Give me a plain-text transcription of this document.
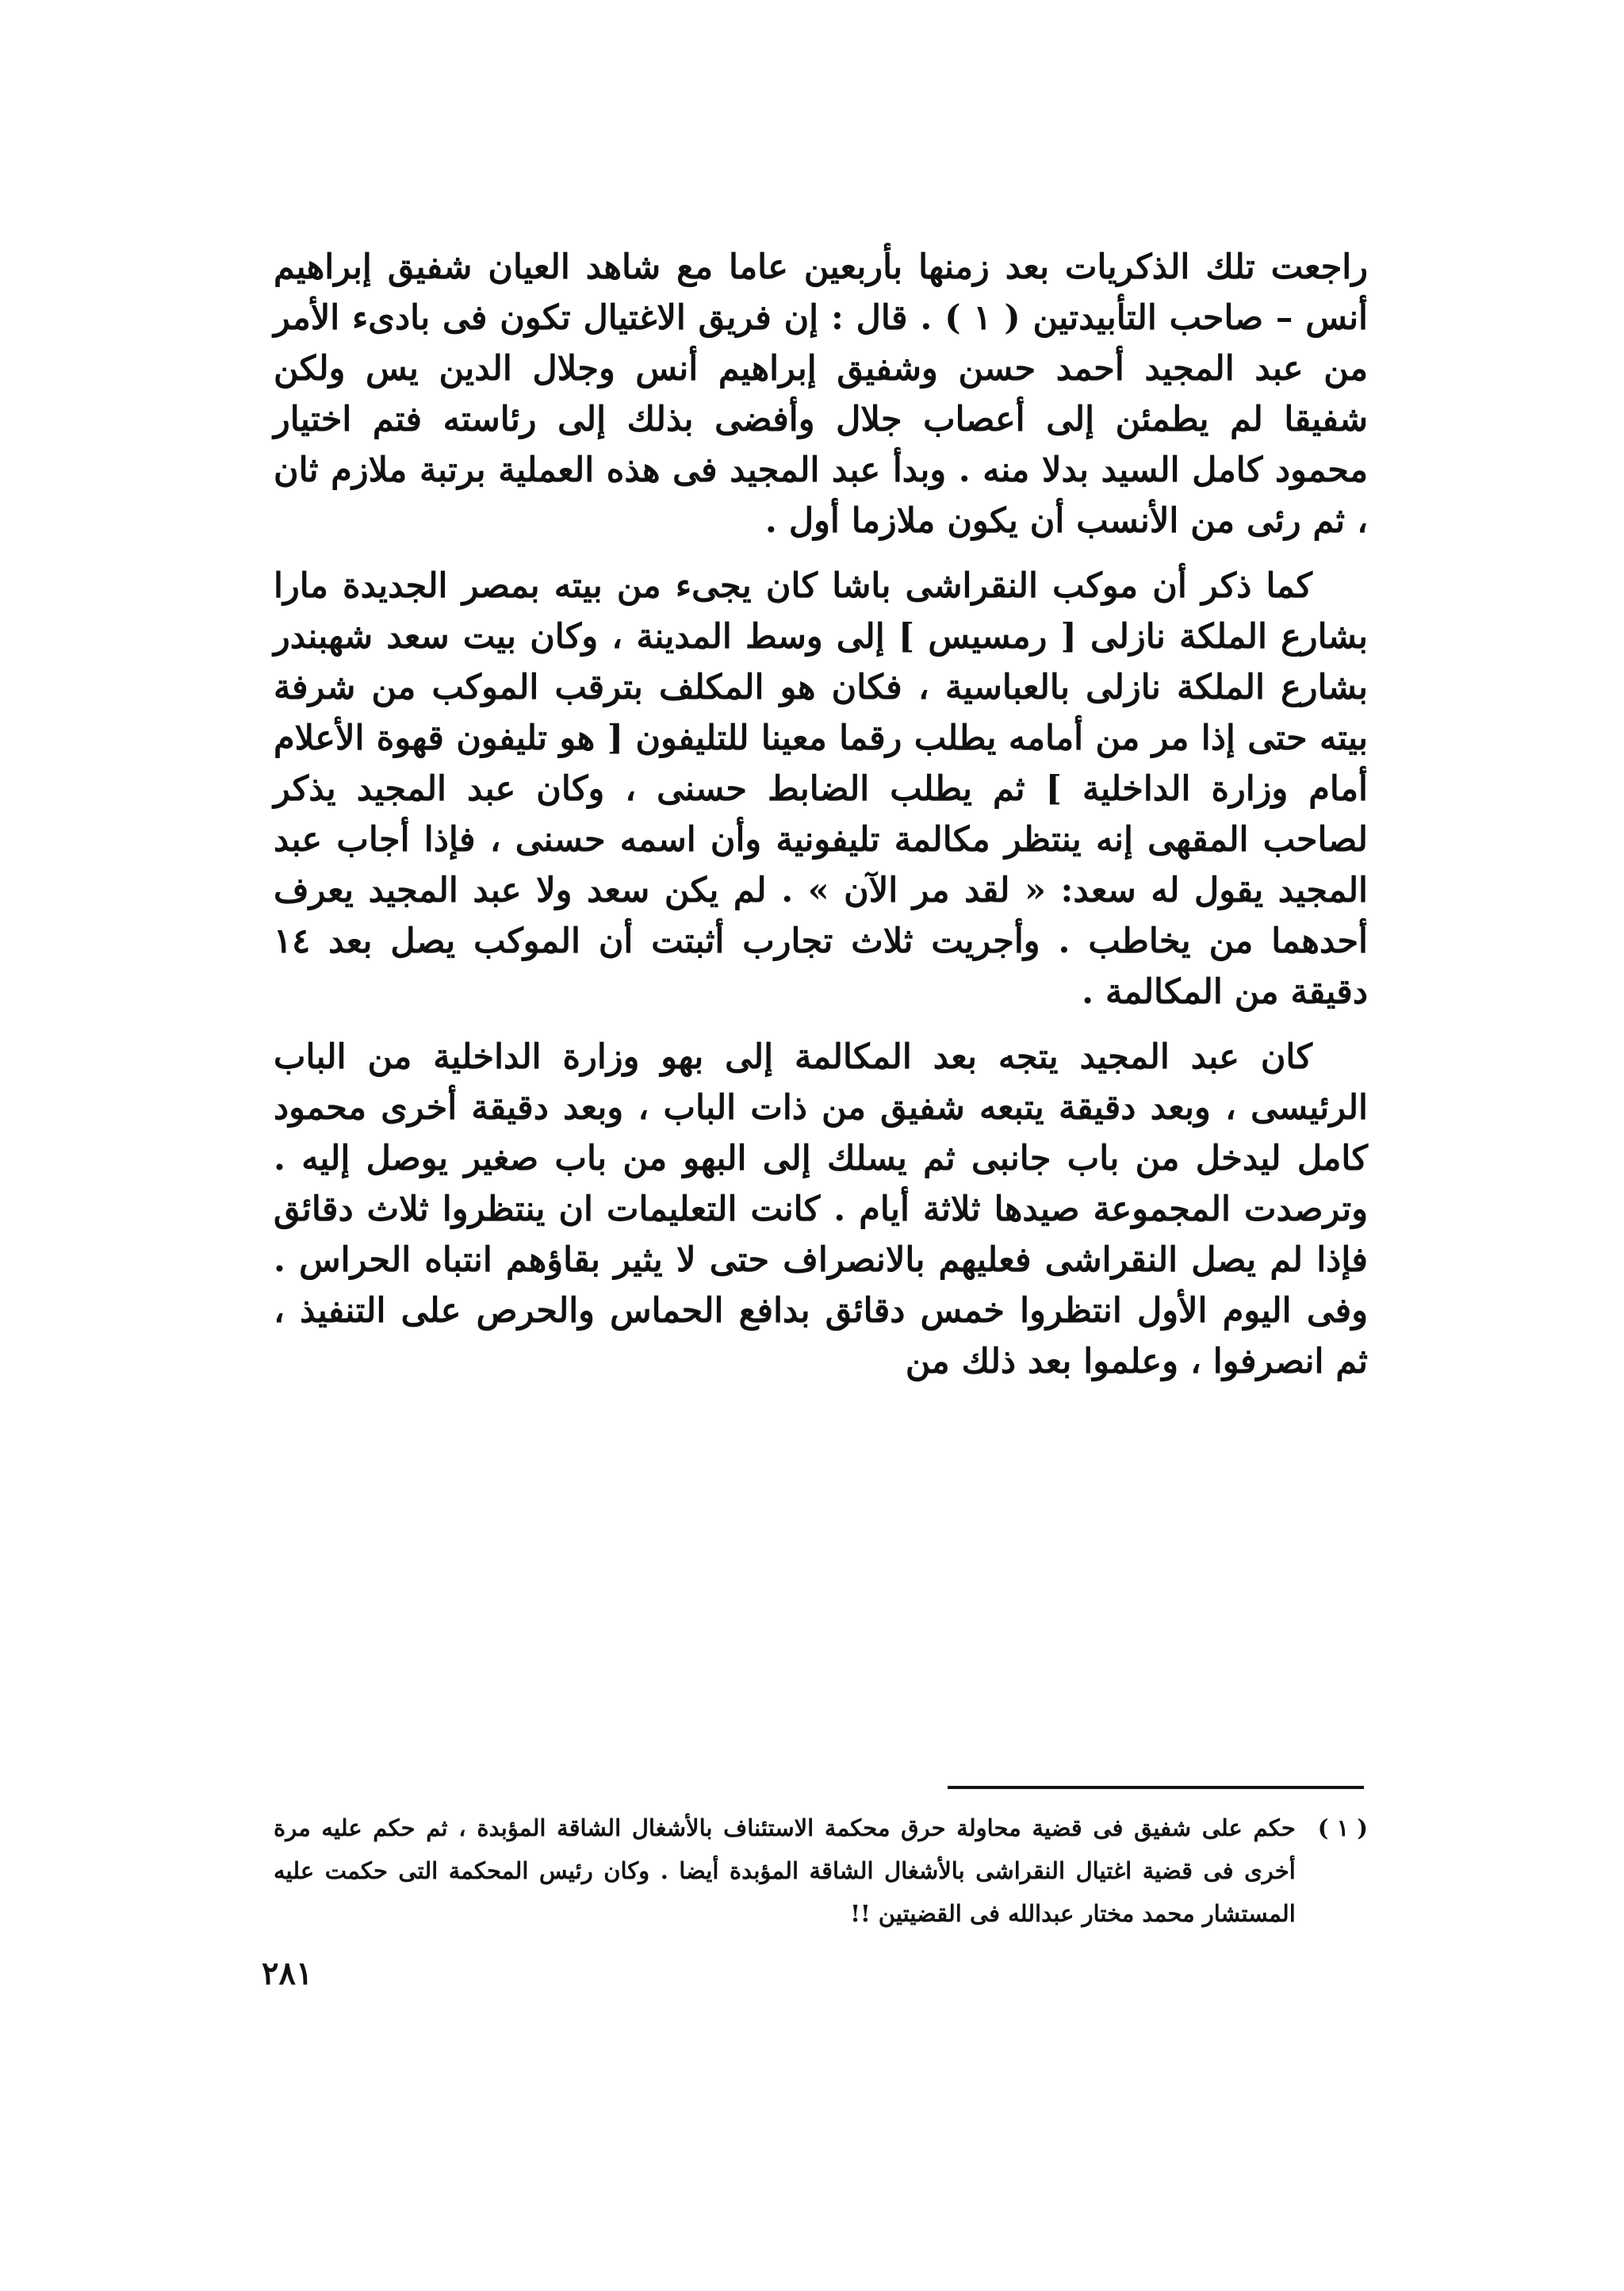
راجعت تلك الذكريات بعد زمنها بأربعين عاما مع شاهد العيان شفيق إبراهيم أنس – صاحب التأبيدتين ( ١ ) . قال : إن فريق الاغتيال تكون فى بادىء الأمر من عبد المجيد أحمد حسن وشفيق إبراهيم أنس وجلال الدين يس ولكن شفيقا لم يطمئن إلى أعصاب جلال وأفضى بذلك إلى رئاسته فتم اختيار محمود كامل السيد بدلا منه . وبدأ عبد المجيد فى هذه العملية برتبة ملازم ثان ، ثم رئى من الأنسب أن يكون ملازما أول .

كما ذكر أن موكب النقراشى باشا كان يجىء من بيته بمصر الجديدة مارا بشارع الملكة نازلى [ رمسيس ] إلى وسط المدينة ، وكان بيت سعد شهبندر بشارع الملكة نازلى بالعباسية ، فكان هو المكلف بترقب الموكب من شرفة بيته حتى إذا مر من أمامه يطلب رقما معينا للتليفون [ هو تليفون قهوة الأعلام أمام وزارة الداخلية ] ثم يطلب الضابط حسنى ، وكان عبد المجيد يذكر لصاحب المقهى إنه ينتظر مكالمة تليفونية وأن اسمه حسنى ، فإذا أجاب عبد المجيد يقول له سعد: « لقد مر الآن » . لم يكن سعد ولا عبد المجيد يعرف أحدهما من يخاطب . وأجريت ثلاث تجارب أثبتت أن الموكب يصل بعد ١٤ دقيقة من المكالمة .

كان عبد المجيد يتجه بعد المكالمة إلى بهو وزارة الداخلية من الباب الرئيسى ، وبعد دقيقة يتبعه شفيق من ذات الباب ، وبعد دقيقة أخرى محمود كامل ليدخل من باب جانبى ثم يسلك إلى البهو من باب صغير يوصل إليه . وترصدت المجموعة صيدها ثلاثة أيام . كانت التعليمات ان ينتظروا ثلاث دقائق فإذا لم يصل النقراشى فعليهم بالانصراف حتى لا يثير بقاؤهم انتباه الحراس . وفى اليوم الأول انتظروا خمس دقائق بدافع الحماس والحرص على التنفيذ ، ثم انصرفوا ، وعلموا بعد ذلك من

( ١ )
حكم على شفيق فى قضية محاولة حرق محكمة الاستئناف بالأشغال الشاقة المؤبدة ، ثم حكم عليه مرة أخرى فى قضية اغتيال النقراشى بالأشغال الشاقة المؤبدة أيضا . وكان رئيس المحكمة التى حكمت عليه المستشار محمد مختار عبدالله فى القضيتين !!
٢٨١
